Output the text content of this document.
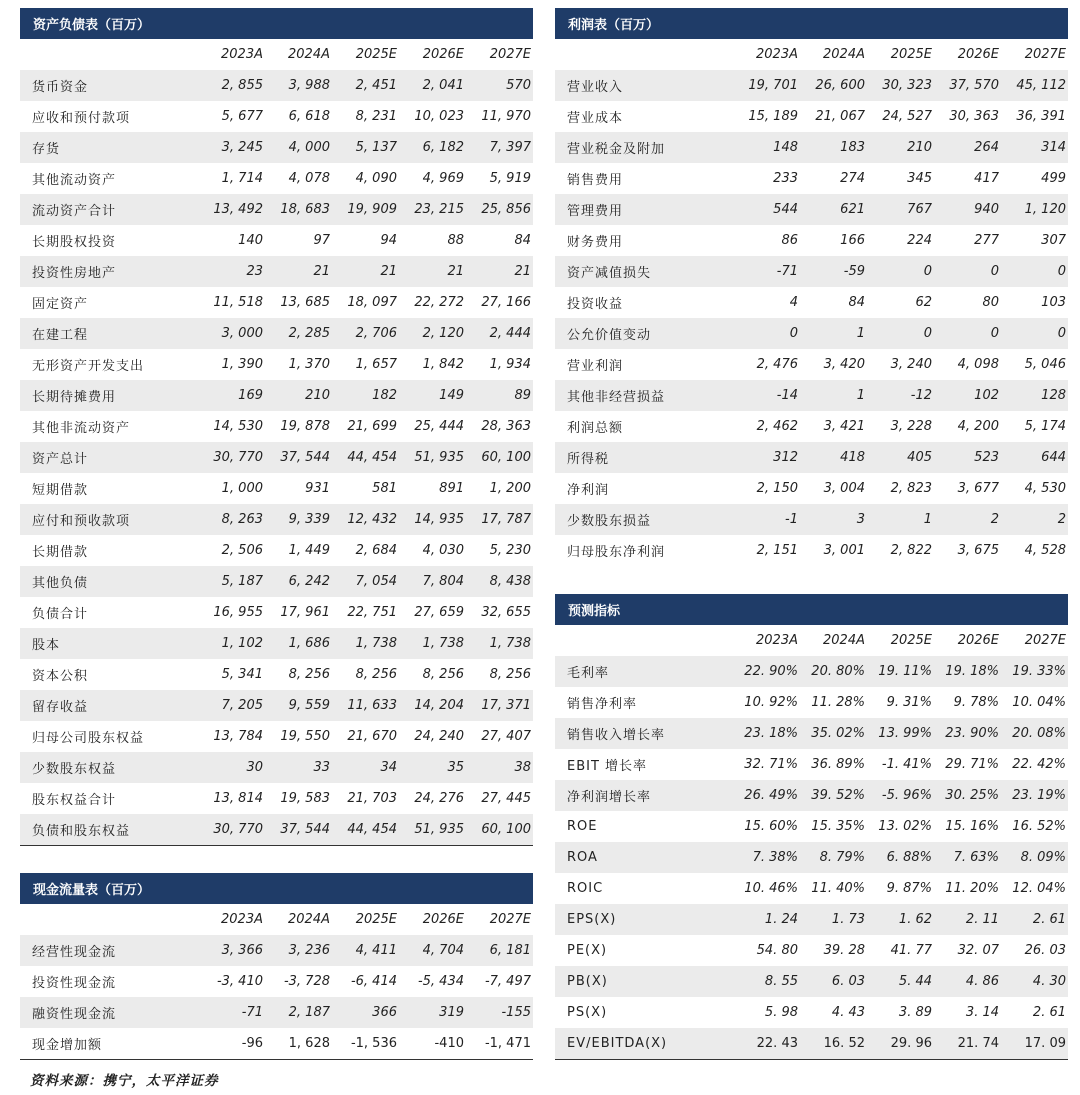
资产负债表（百万）
	2023A	2024A	2025E	2026E	2027E
货币资金	2, 855	3, 988	2, 451	2, 041	570
应收和预付款项	5, 677	6, 618	8, 231	10, 023	11, 970
存货	3, 245	4, 000	5, 137	6, 182	7, 397
其他流动资产	1, 714	4, 078	4, 090	4, 969	5, 919
流动资产合计	13, 492	18, 683	19, 909	23, 215	25, 856
长期股权投资	140	97	94	88	84
投资性房地产	23	21	21	21	21
固定资产	11, 518	13, 685	18, 097	22, 272	27, 166
在建工程	3, 000	2, 285	2, 706	2, 120	2, 444
无形资产开发支出	1, 390	1, 370	1, 657	1, 842	1, 934
长期待摊费用	169	210	182	149	89
其他非流动资产	14, 530	19, 878	21, 699	25, 444	28, 363
资产总计	30, 770	37, 544	44, 454	51, 935	60, 100
短期借款	1, 000	931	581	891	1, 200
应付和预收款项	8, 263	9, 339	12, 432	14, 935	17, 787
长期借款	2, 506	1, 449	2, 684	4, 030	5, 230
其他负债	5, 187	6, 242	7, 054	7, 804	8, 438
负债合计	16, 955	17, 961	22, 751	27, 659	32, 655
股本	1, 102	1, 686	1, 738	1, 738	1, 738
资本公积	5, 341	8, 256	8, 256	8, 256	8, 256
留存收益	7, 205	9, 559	11, 633	14, 204	17, 371
归母公司股东权益	13, 784	19, 550	21, 670	24, 240	27, 407
少数股东权益	30	33	34	35	38
股东权益合计	13, 814	19, 583	21, 703	24, 276	27, 445
负债和股东权益	30, 770	37, 544	44, 454	51, 935	60, 100
现金流量表（百万）
	2023A	2024A	2025E	2026E	2027E
经营性现金流	3, 366	3, 236	4, 411	4, 704	6, 181
投资性现金流	-3, 410	-3, 728	-6, 414	-5, 434	-7, 497
融资性现金流	-71	2, 187	366	319	-155
现金增加额	-96	1, 628	-1, 536	-410	-1, 471
利润表（百万）
	2023A	2024A	2025E	2026E	2027E
营业收入	19, 701	26, 600	30, 323	37, 570	45, 112
营业成本	15, 189	21, 067	24, 527	30, 363	36, 391
营业税金及附加	148	183	210	264	314
销售费用	233	274	345	417	499
管理费用	544	621	767	940	1, 120
财务费用	86	166	224	277	307
资产减值损失	-71	-59	0	0	0
投资收益	4	84	62	80	103
公允价值变动	0	1	0	0	0
营业利润	2, 476	3, 420	3, 240	4, 098	5, 046
其他非经营损益	-14	1	-12	102	128
利润总额	2, 462	3, 421	3, 228	4, 200	5, 174
所得税	312	418	405	523	644
净利润	2, 150	3, 004	2, 823	3, 677	4, 530
少数股东损益	-1	3	1	2	2
归母股东净利润	2, 151	3, 001	2, 822	3, 675	4, 528
预测指标
	2023A	2024A	2025E	2026E	2027E
毛利率	22. 90%	20. 80%	19. 11%	19. 18%	19. 33%
销售净利率	10. 92%	11. 28%	9. 31%	9. 78%	10. 04%
销售收入增长率	23. 18%	35. 02%	13. 99%	23. 90%	20. 08%
EBIT 增长率	32. 71%	36. 89%	-1. 41%	29. 71%	22. 42%
净利润增长率	26. 49%	39. 52%	-5. 96%	30. 25%	23. 19%
ROE	15. 60%	15. 35%	13. 02%	15. 16%	16. 52%
ROA	7. 38%	8. 79%	6. 88%	7. 63%	8. 09%
ROIC	10. 46%	11. 40%	9. 87%	11. 20%	12. 04%
EPS(X)	1. 24	1. 73	1. 62	2. 11	2. 61
PE(X)	54. 80	39. 28	41. 77	32. 07	26. 03
PB(X)	8. 55	6. 03	5. 44	4. 86	4. 30
PS(X)	5. 98	4. 43	3. 89	3. 14	2. 61
EV/EBITDA(X)	22. 43	16. 52	29. 96	21. 74	17. 09
资料来源：携宁，太平洋证券
